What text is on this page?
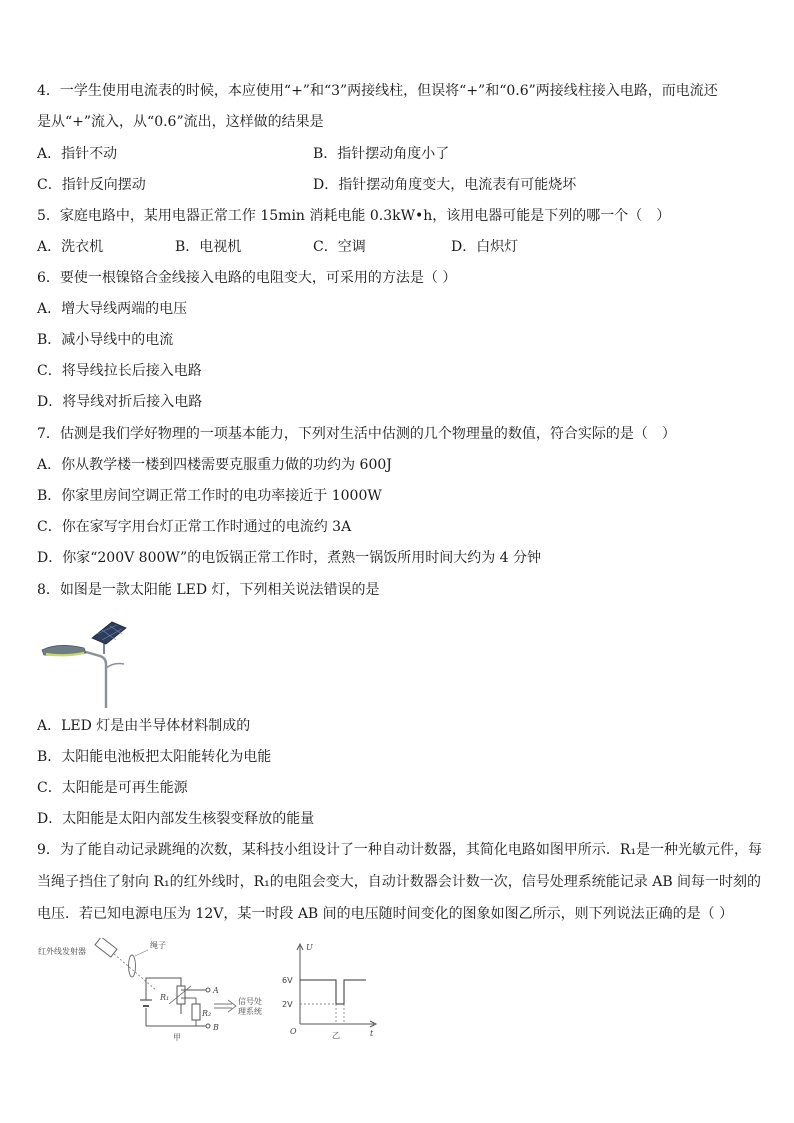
4．一学生使用电流表的时候，本应使用“+”和“3”两接线柱，但误将“+”和“0.6”两接线柱接入电路，而电流还
是从“+”流入，从“0.6”流出，这样做的结果是
A．指针不动	B．指针摆动角度小了
C．指针反向摆动	D．指针摆动角度变大，电流表有可能烧坏
5．家庭电路中，某用电器正常工作 15min 消耗电能 0.3kW•h，该用电器可能是下列的哪一个（　）
A．洗衣机	B．电视机	C．空调	D．白炽灯
6．要使一根镍铬合金线接入电路的电阻变大，可采用的方法是（ ）
A．增大导线两端的电压
B．减小导线中的电流
C．将导线拉长后接入电路
D．将导线对折后接入电路
7．估测是我们学好物理的一项基本能力，下列对生活中估测的几个物理量的数值，符合实际的是（　）
A．你从教学楼一楼到四楼需要克服重力做的功约为 600J
B．你家里房间空调正常工作时的电功率接近于 1000W
C．你在家写字用台灯正常工作时通过的电流约 3A
D．你家“200V 800W”的电饭锅正常工作时，煮熟一锅饭所用时间大约为 4 分钟
8．如图是一款太阳能 LED 灯，下列相关说法错误的是
A．LED 灯是由半导体材料制成的
B．太阳能电池板把太阳能转化为电能
C．太阳能是可再生能源
D．太阳能是太阳内部发生核裂变释放的能量
9．为了能自动记录跳绳的次数，某科技小组设计了一种自动计数器，其简化电路如图甲所示．R₁是一种光敏元件，每
当绳子挡住了射向 R₁的红外线时，R₁的电阻会变大，自动计数器会计数一次，信号处理系统能记录 AB 间每一时刻的
电压．若已知电源电压为 12V，某一时段 AB 间的电压随时间变化的图象如图乙所示，则下列说法正确的是（ ）
红外线发射器
绳子
R₁
R₂
A
B
信号处
理系统
甲
U
t
O
6V
2V
乙
